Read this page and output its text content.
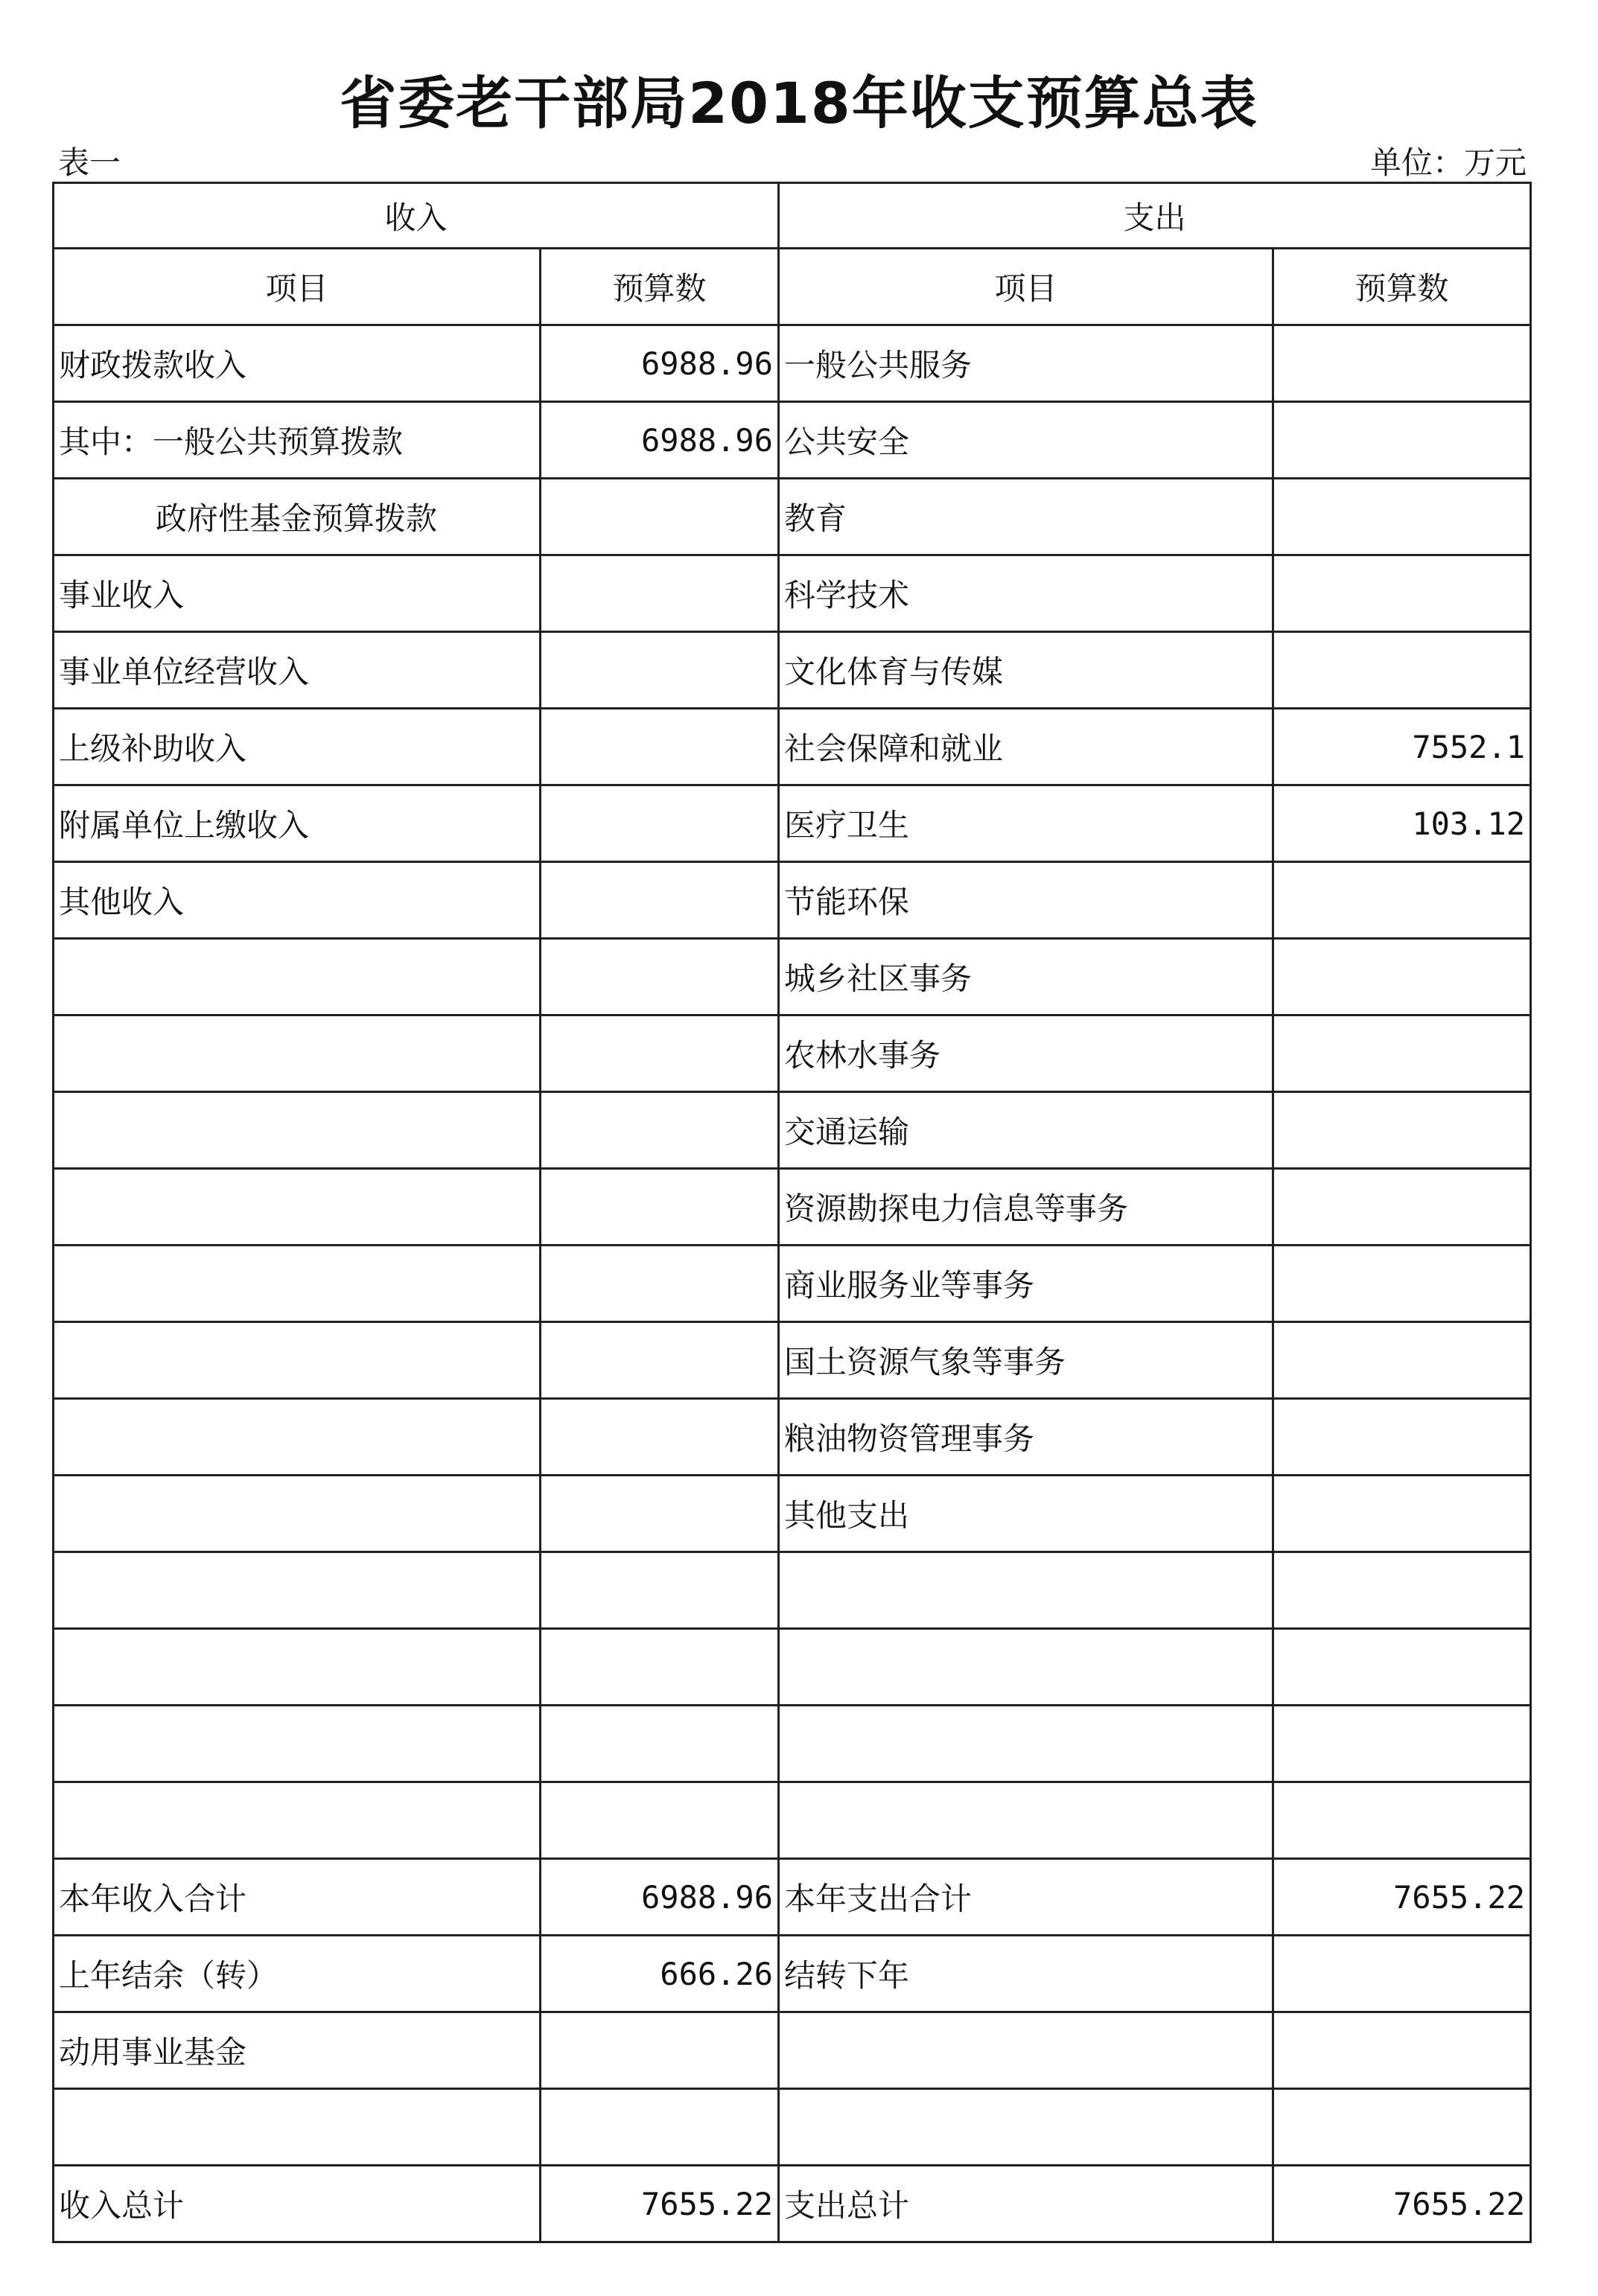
省委老干部局2018年收支预算总表
表一	单位：万元
收入		支出	
项目	预算数	项目	预算数
财政拨款收入	6988.96	一般公共服务	
其中：一般公共预算拨款	6988.96	公共安全	
政府性基金预算拨款		教育	
事业收入		科学技术	
事业单位经营收入		文化体育与传媒	
上级补助收入		社会保障和就业	7552.1
附属单位上缴收入		医疗卫生	103.12
其他收入		节能环保	
		城乡社区事务	
		农林水事务	
		交通运输	
		资源勘探电力信息等事务	
		商业服务业等事务	
		国土资源气象等事务	
		粮油物资管理事务	
		其他支出	

本年收入合计	6988.96	本年支出合计	7655.22
上年结余（转）	666.26	结转下年	
动用事业基金			

收入总计	7655.22	支出总计	7655.22
